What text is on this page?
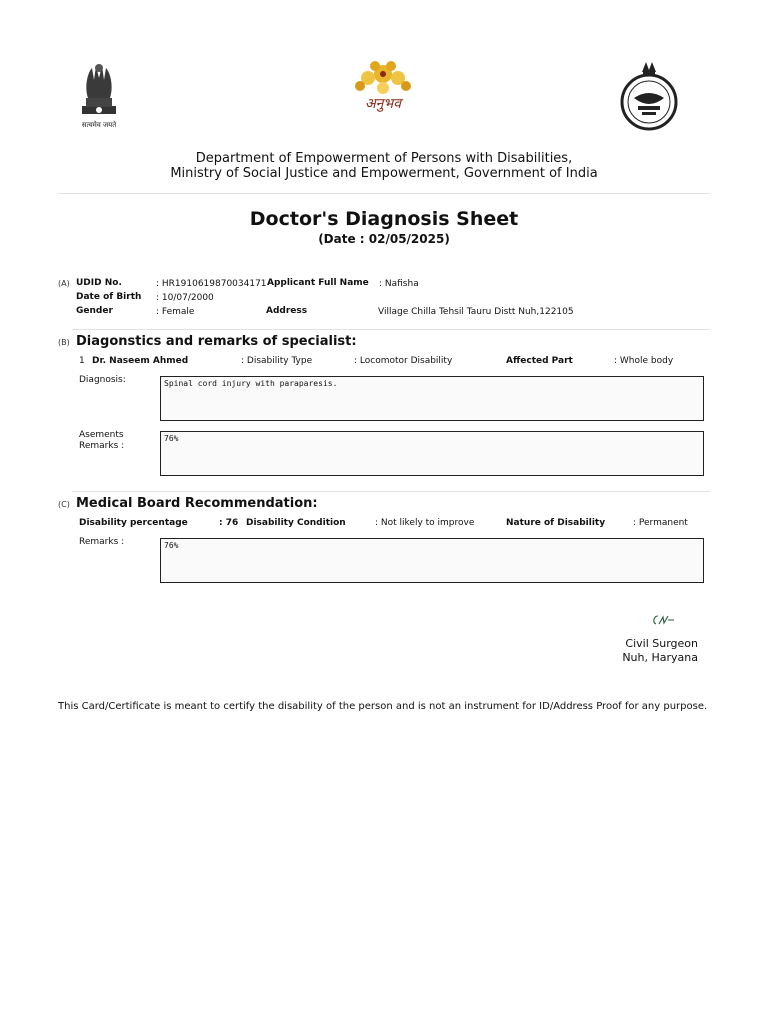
सत्यमेव जयते
अनुभव
Department of Empowerment of Persons with Disabilities,
Ministry of Social Justice and Empowerment, Government of India
Doctor's Diagnosis Sheet
(Date : 02/05/2025)
(A) UDID No.	: HR1910619870034171 Applicant Full Name : Nafisha
Date of Birth : 10/07/2000
Gender	: Female	Address	Village Chilla Tehsil Tauru Distt Nuh,122105
(B) Diagonstics and remarks of specialist:
1 Dr. Naseem Ahmed	: Disability Type	: Locomotor Disability	Affected Part	: Whole body
Diagnosis:	Spinal cord injury with paraparesis.
Asements
Remarks :
76%
(C) Medical Board Recommendation:
Disability percentage	: 76 Disability Condition	: Not likely to improve	Nature of Disability	: Permanent
Remarks :	76%
Civil Surgeon
Nuh, Haryana
This Card/Certificate is meant to certify the disability of the person and is not an instrument for ID/Address Proof for any purpose.
